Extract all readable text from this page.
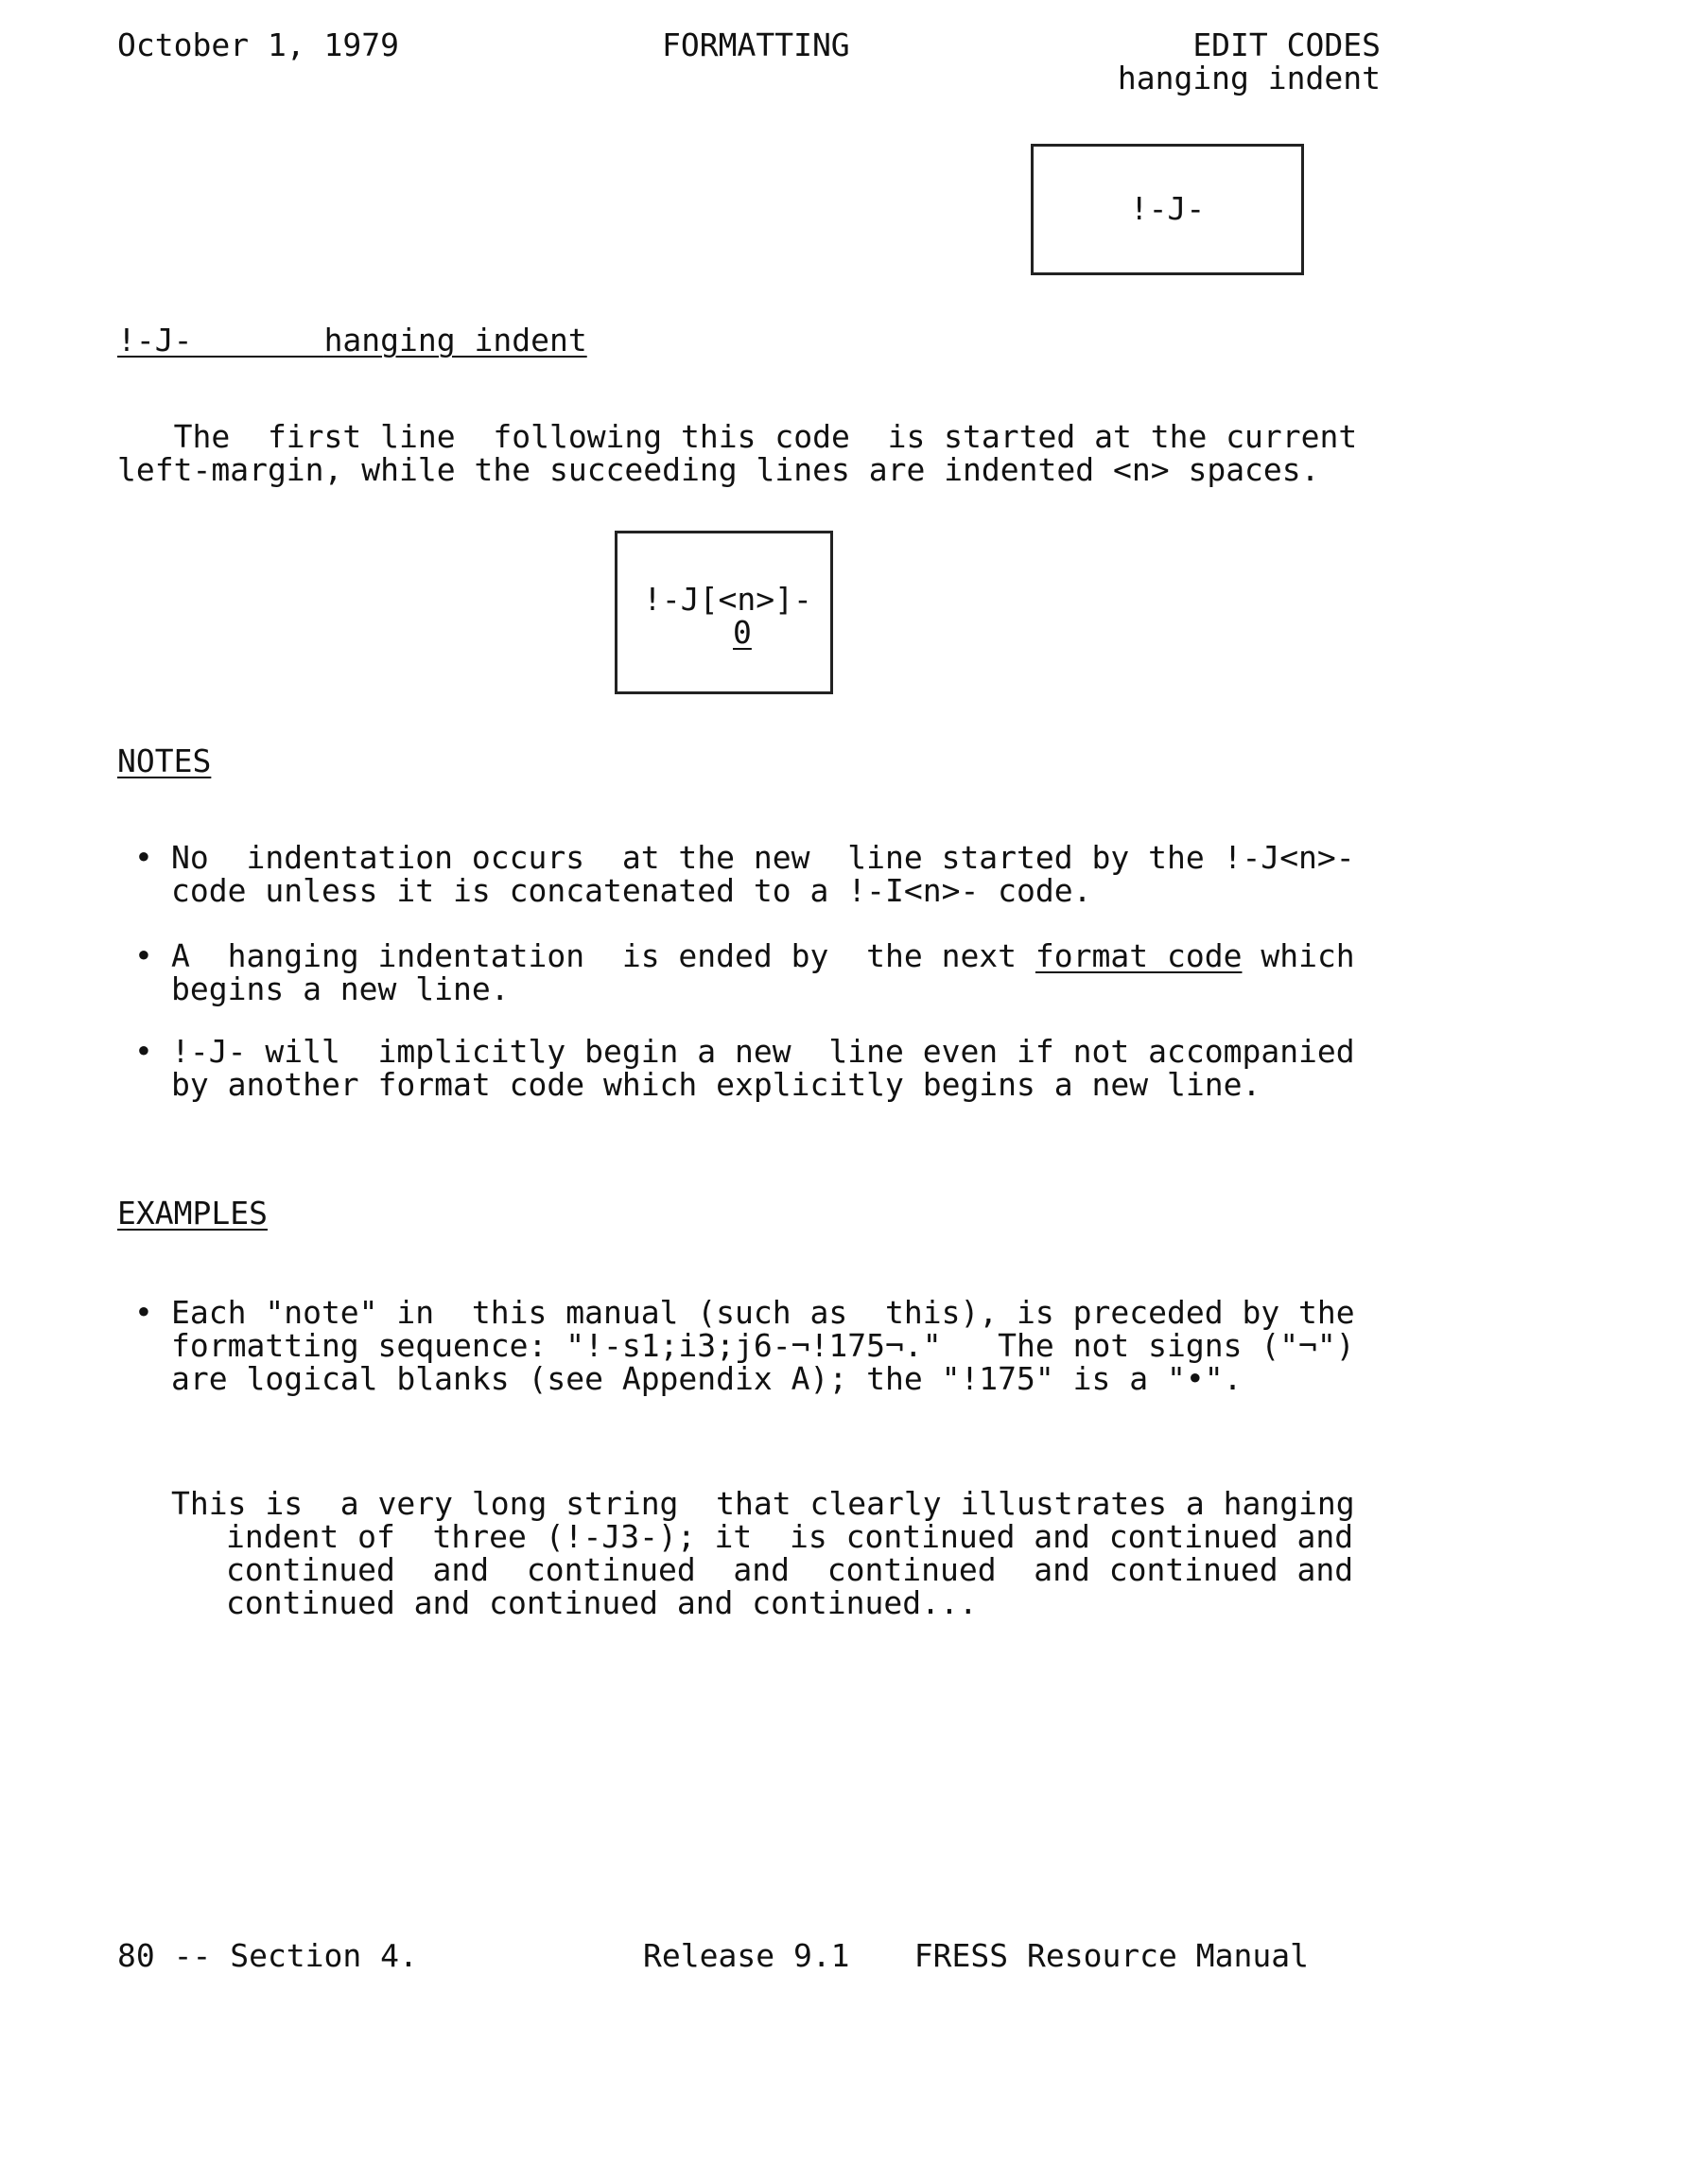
October 1, 1979	FORMATTING	EDIT CODES
hanging indent
!-J-
!-J-	hanging indent
The  first line  following this code  is started at the current
left-margin, while the succeeding lines are indented <n> spaces.
!-J[<n>]-
0
NOTES
• No  indentation occurs  at the new  line started by the !-J<n>-
code unless it is concatenated to a !-I<n>- code.
• A  hanging indentation  is ended by  the next format code which
begins a new line.
• !-J- will  implicitly begin a new  line even if not accompanied
by another format code which explicitly begins a new line.
EXAMPLES
• Each "note" in  this manual (such as  this), is preceded by the
formatting sequence: "!-s1;i3;j6-¬!175¬."   The not signs ("¬")
are logical blanks (see Appendix A); the "!175" is a "•".
This is  a very long string  that clearly illustrates a hanging
indent of  three (!-J3-); it  is continued and continued and
continued  and  continued  and  continued  and continued and
continued and continued and continued...
80 -- Section 4.	Release 9.1 FRESS Resource Manual
